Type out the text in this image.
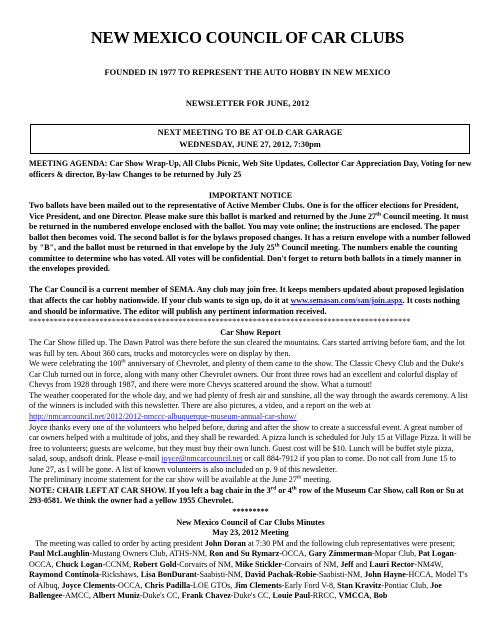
NEW MEXICO COUNCIL OF CAR CLUBS
FOUNDED IN 1977 TO REPRESENT THE AUTO HOBBY IN NEW MEXICO
NEWSLETTER FOR JUNE, 2012
NEXT MEETING TO BE AT OLD CAR GARAGE
WEDNESDAY, JUNE 27, 2012, 7:30pm

MEETING AGENDA: Car Show Wrap-Up, All Clubs Picnic, Web Site Updates, Collector Car Appreciation Day, Voting for new officers & director, By-law Changes to be returned by July 25

IMPORTANT NOTICE

Two ballots have been mailed out to the representative of Active Member Clubs. One is for the officer elections for President, Vice President, and one Director. Please make sure this ballot is marked and returned by the June 27th Council meeting. It must be returned in the numbered envelope enclosed with the ballot. You may vote online; the instructions are enclosed. The paper ballot then becomes void. The second ballot is for the bylaws proposed changes. It has a return envelope with a number followed by "B", and the ballot must be returned in that envelope by the July 25th Council meeting. The numbers enable the counting committee to determine who has voted. All votes will be confidential. Don't forget to return both ballots in a timely manner in the envelopes provided.

The Car Council is a current member of SEMA. Any club may join free. It keeps members updated about proposed legislation that affects the car hobby nationwide. If your club wants to sign up, do it at www.semasan.com/san/join.aspx. It costs nothing and should be informative. The editor will publish any pertinent information received.

********************************************************************************************

Car Show Report

The Car Show filled up. The Dawn Patrol was there before the sun cleared the mountains. Cars started arriving before 6am, and the lot was full by ten. About 360 cars, trucks and motorcycles were on display by then.

We were celebrating the 100th anniversary of Chevrolet, and plenty of them came to the show. The Classic Chevy Club and the Duke's Car Club turned out in force, along with many other Chevrolet owners. Our front three rows had an excellent and colorful display of Chevys from 1928 through 1987, and there were more Chevys scattered around the show. What a turnout!

The weather cooperated for the whole day, and we had plenty of fresh air and sunshine, all the way through the awards ceremony. A list of the winners is included with this newsletter. There are also pictures, a video, and a report on the web at http://nmcarcouncil.net/2012/2012-nmccc-albuquerque-museum-annual-car-show/

Joyce thanks every one of the volunteers who helped before, during and after the show to create a successful event. A great number of car owners helped with a multitude of jobs, and they shall be rewarded. A pizza lunch is scheduled for July 15 at Village Pizza. It will be free to volunteers; guests are welcome, but they must buy their own lunch. Guest cost will be $10. Lunch will be buffet style pizza, salad, soup, andsoft drink. Please e-mail joyce@nmcarcouncil.net or call 884-7912 if you plan to come. Do not call from June 15 to June 27, as I will be gone. A list of known volunteers is also included on p. 9 of this newsletter.

The preliminary income statement for the car show will be available at the June 27th meeting.

NOTE: CHAIR LEFT AT CAR SHOW. If you left a bag chair in the 3rd or 4th row of the Museum Car Show, call Ron or Su at 293-0581. We think the owner had a yellow 1955 Chevrolet.

*********

New Mexico Council of Car Clubs Minutes

May 23, 2012 Meeting

The meeting was called to order by acting president John Doran at 7:30 PM and the following club representatives were present; Paul McLaughlin-Mustang Owners Club, ATHS-NM, Ron and Su Rymarz-OCCA, Gary Zimmerman-Mopar Club, Pat Logan-OCCA, Chuck Logan-CCNM, Robert Gold-Corvairs of NM, Mike Stickler-Corvairs of NM, Jeff and Lauri Rector-NM4W, Raymond Continola-Rickshaws, Lisa BonDurant-Saabisti-NM, David Pachak-Robie-Saabisti-NM, John Hayne-HCCA, Model T's of Albuq, Joyce Clements-OCCA, Chris Padilla-LOE GTOs, Jim Clements-Early Ford V-8, Stan Kravitz-Pontiac Club, Joe Ballengee-AMCC, Albert Muniz-Duke's CC, Frank Chavez-Duke's CC, Louie Paul-RRCC, VMCCA, Bob
